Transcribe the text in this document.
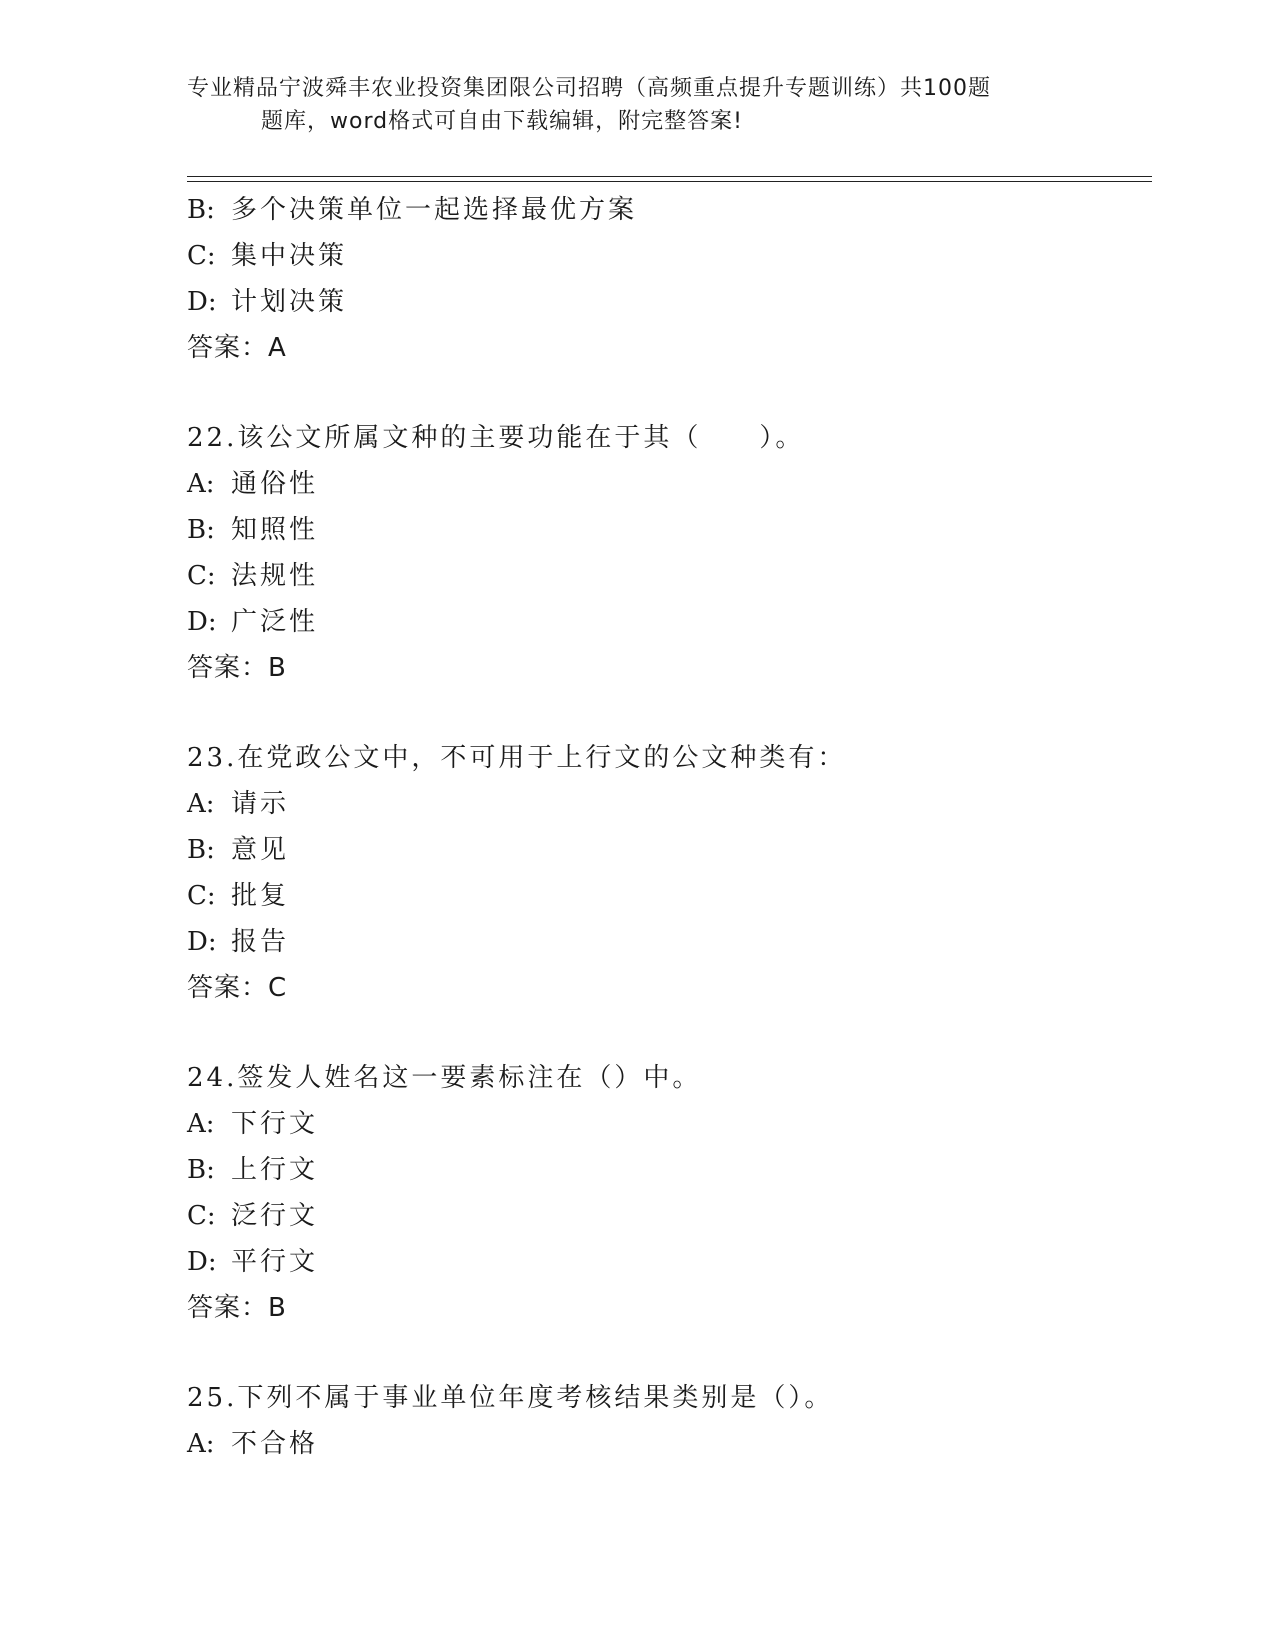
专业精品宁波舜丰农业投资集团限公司招聘（高频重点提升专题训练）共100题
题库，word格式可自由下载编辑，附完整答案!
B: 多个决策单位一起选择最优方案
C: 集中决策
D: 计划决策
答案：A
22.该公文所属文种的主要功能在于其（　　）。
A: 通俗性
B: 知照性
C: 法规性
D: 广泛性
答案：B
23.在党政公文中，不可用于上行文的公文种类有：
A: 请示
B: 意见
C: 批复
D: 报告
答案：C
24.签发人姓名这一要素标注在（）中。
A: 下行文
B: 上行文
C: 泛行文
D: 平行文
答案：B
25.下列不属于事业单位年度考核结果类别是（）。
A: 不合格
